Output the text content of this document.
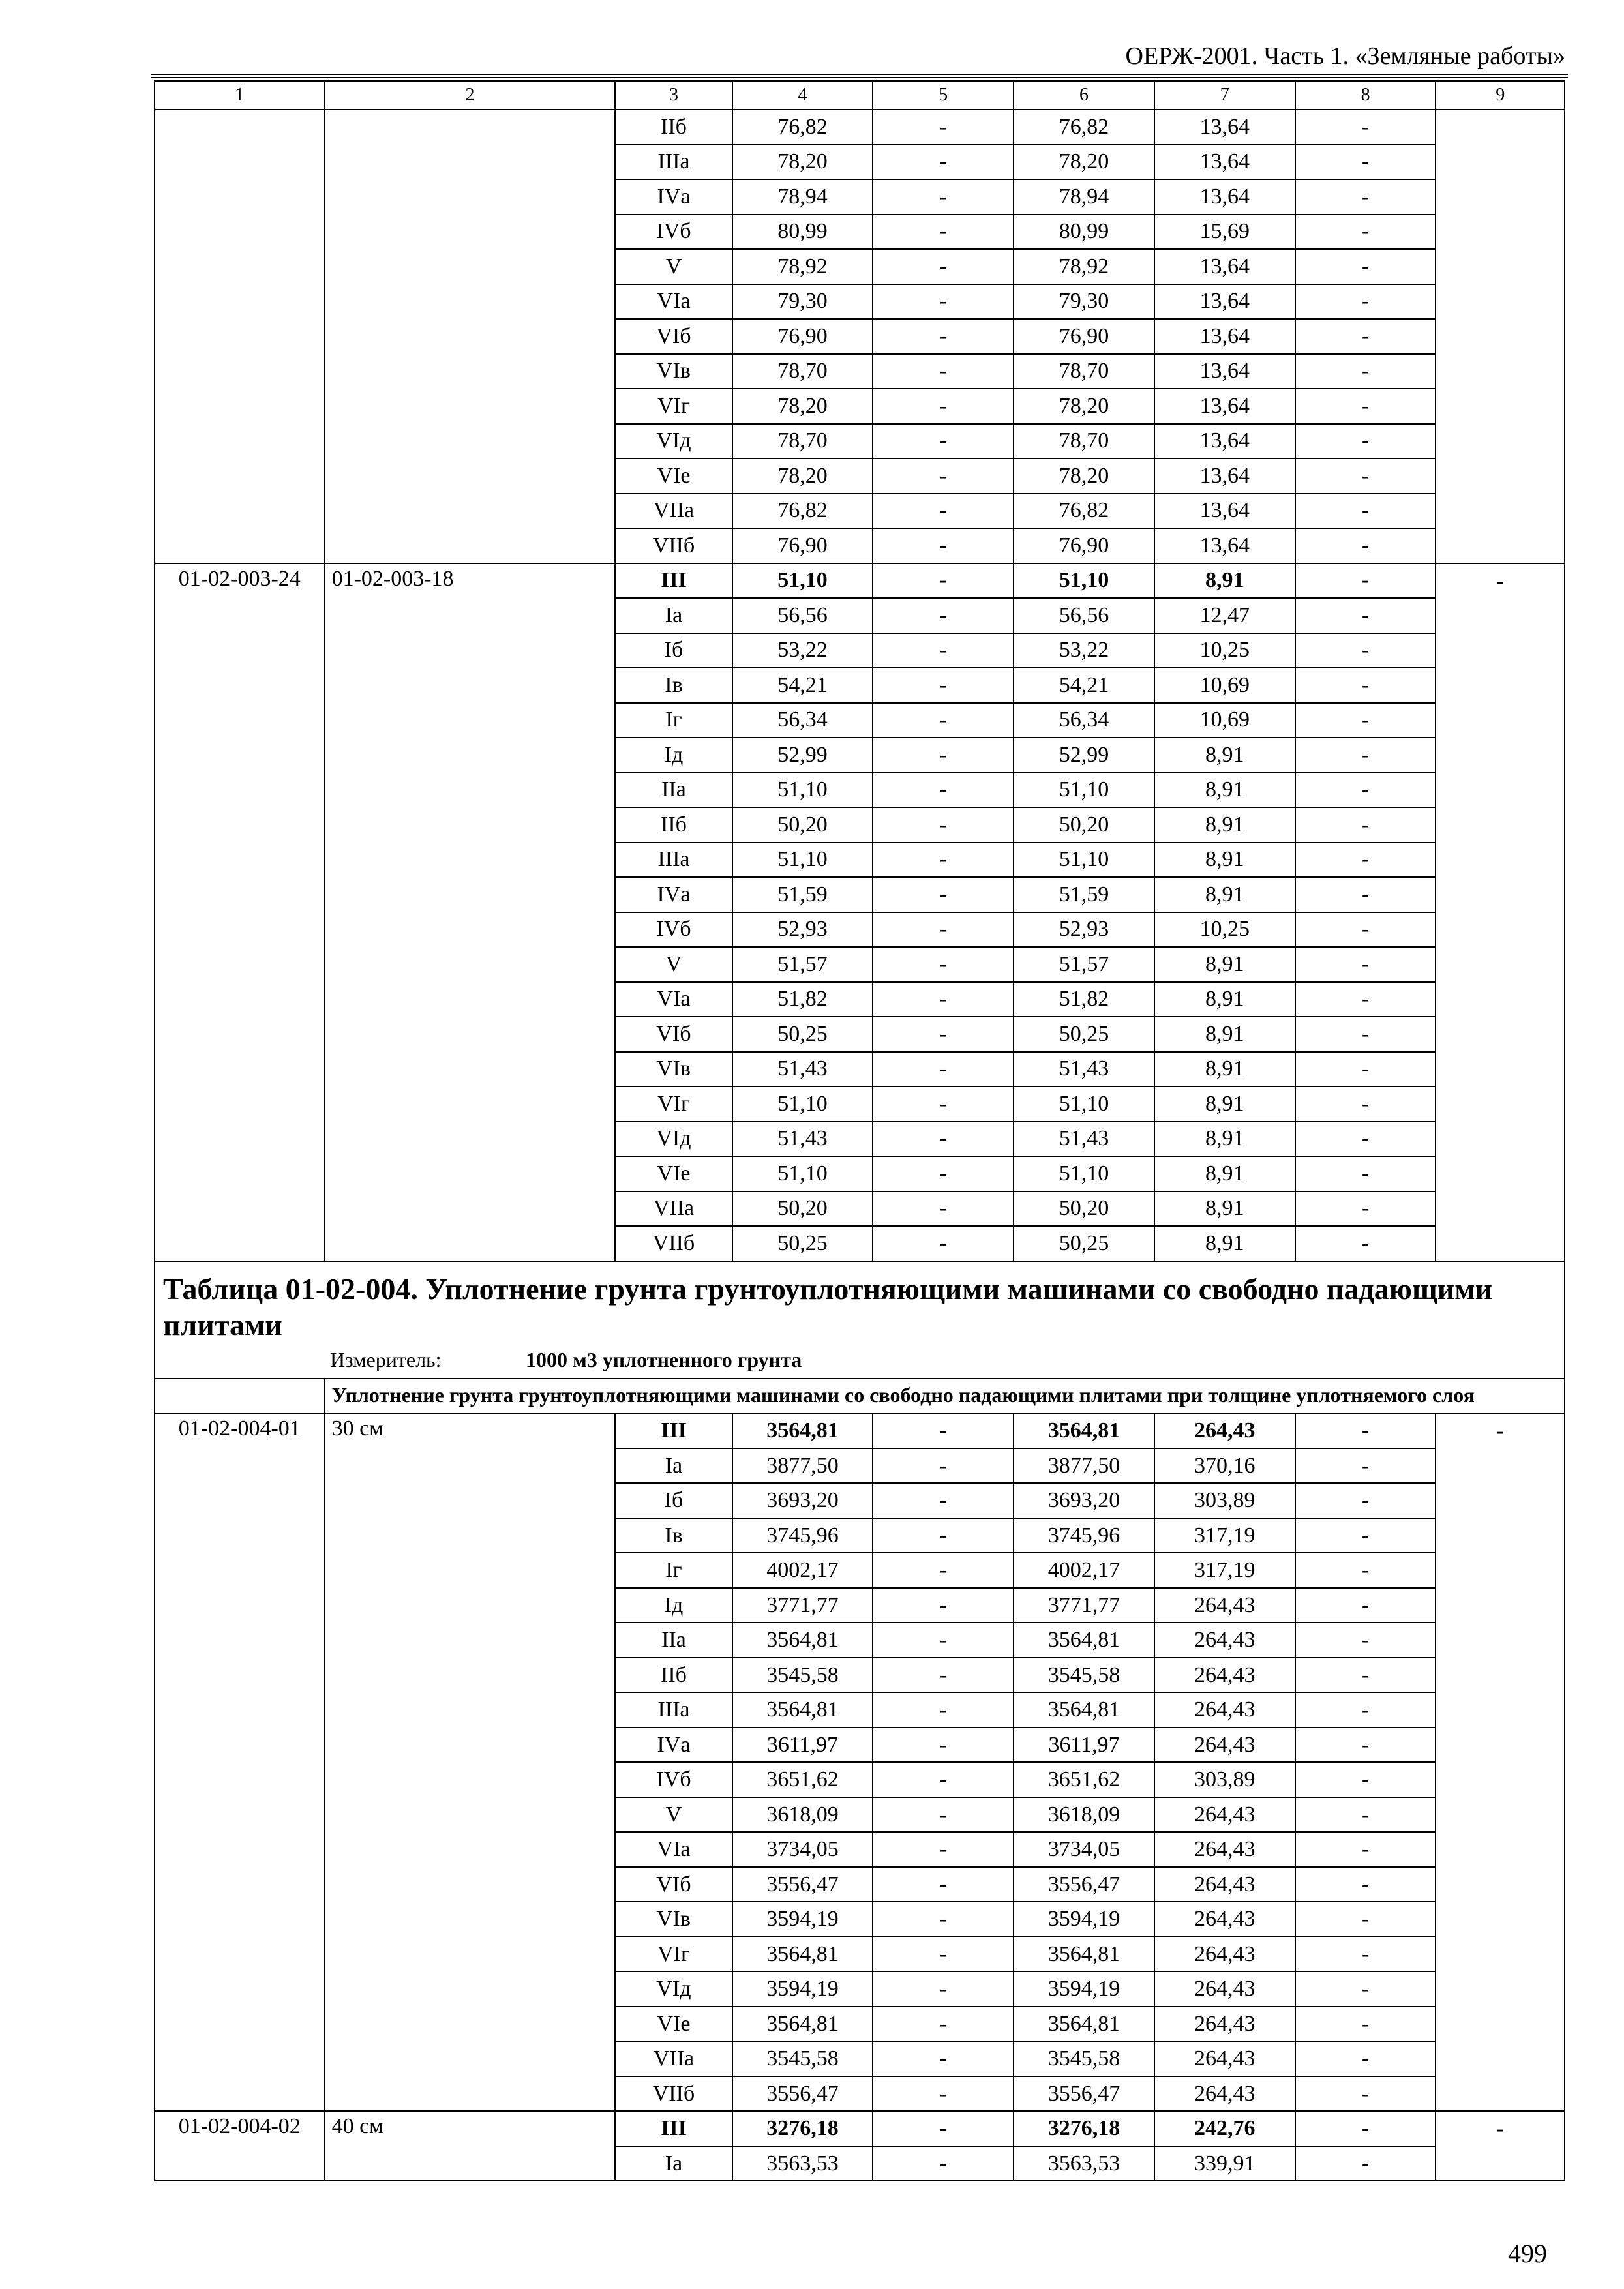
ОЕРЖ-2001. Часть 1. «Земляные работы»
1	2	3	4	5	6	7	8	9
		IIб	76,82	-	76,82	13,64	-	
		IIIа	78,20	-	78,20	13,64	-	
		IVа	78,94	-	78,94	13,64	-	
		IVб	80,99	-	80,99	15,69	-	
		V	78,92	-	78,92	13,64	-	
		VIа	79,30	-	79,30	13,64	-	
		VIб	76,90	-	76,90	13,64	-	
		VIв	78,70	-	78,70	13,64	-	
		VIг	78,20	-	78,20	13,64	-	
		VIд	78,70	-	78,70	13,64	-	
		VIе	78,20	-	78,20	13,64	-	
		VIIа	76,82	-	76,82	13,64	-	
		VIIб	76,90	-	76,90	13,64	-	
01-02-003-24	01-02-003-18	III	51,10	-	51,10	8,91	-	-
		Iа	56,56	-	56,56	12,47	-	
		Iб	53,22	-	53,22	10,25	-	
		Iв	54,21	-	54,21	10,69	-	
		Iг	56,34	-	56,34	10,69	-	
		Iд	52,99	-	52,99	8,91	-	
		IIа	51,10	-	51,10	8,91	-	
		IIб	50,20	-	50,20	8,91	-	
		IIIа	51,10	-	51,10	8,91	-	
		IVа	51,59	-	51,59	8,91	-	
		IVб	52,93	-	52,93	10,25	-	
		V	51,57	-	51,57	8,91	-	
		VIа	51,82	-	51,82	8,91	-	
		VIб	50,25	-	50,25	8,91	-	
		VIв	51,43	-	51,43	8,91	-	
		VIг	51,10	-	51,10	8,91	-	
		VIд	51,43	-	51,43	8,91	-	
		VIе	51,10	-	51,10	8,91	-	
		VIIа	50,20	-	50,20	8,91	-	
		VIIб	50,25	-	50,25	8,91	-	
Таблица 01-02-004. Уплотнение грунта грунтоуплотняющими машинами со свободно падающими плитами								
Измеритель: 1000 м3 уплотненного грунта								
	Уплотнение грунта грунтоуплотняющими машинами со свободно падающими плитами при толщине уплотняемого слоя							
01-02-004-01	30 см	III	3564,81	-	3564,81	264,43	-	-
		Iа	3877,50	-	3877,50	370,16	-	
		Iб	3693,20	-	3693,20	303,89	-	
		Iв	3745,96	-	3745,96	317,19	-	
		Iг	4002,17	-	4002,17	317,19	-	
		Iд	3771,77	-	3771,77	264,43	-	
		IIа	3564,81	-	3564,81	264,43	-	
		IIб	3545,58	-	3545,58	264,43	-	
		IIIа	3564,81	-	3564,81	264,43	-	
		IVа	3611,97	-	3611,97	264,43	-	
		IVб	3651,62	-	3651,62	303,89	-	
		V	3618,09	-	3618,09	264,43	-	
		VIа	3734,05	-	3734,05	264,43	-	
		VIб	3556,47	-	3556,47	264,43	-	
		VIв	3594,19	-	3594,19	264,43	-	
		VIг	3564,81	-	3564,81	264,43	-	
		VIд	3594,19	-	3594,19	264,43	-	
		VIе	3564,81	-	3564,81	264,43	-	
		VIIа	3545,58	-	3545,58	264,43	-	
		VIIб	3556,47	-	3556,47	264,43	-	
01-02-004-02	40 см	III	3276,18	-	3276,18	242,76	-	-
		Iа	3563,53	-	3563,53	339,91	-	
499
